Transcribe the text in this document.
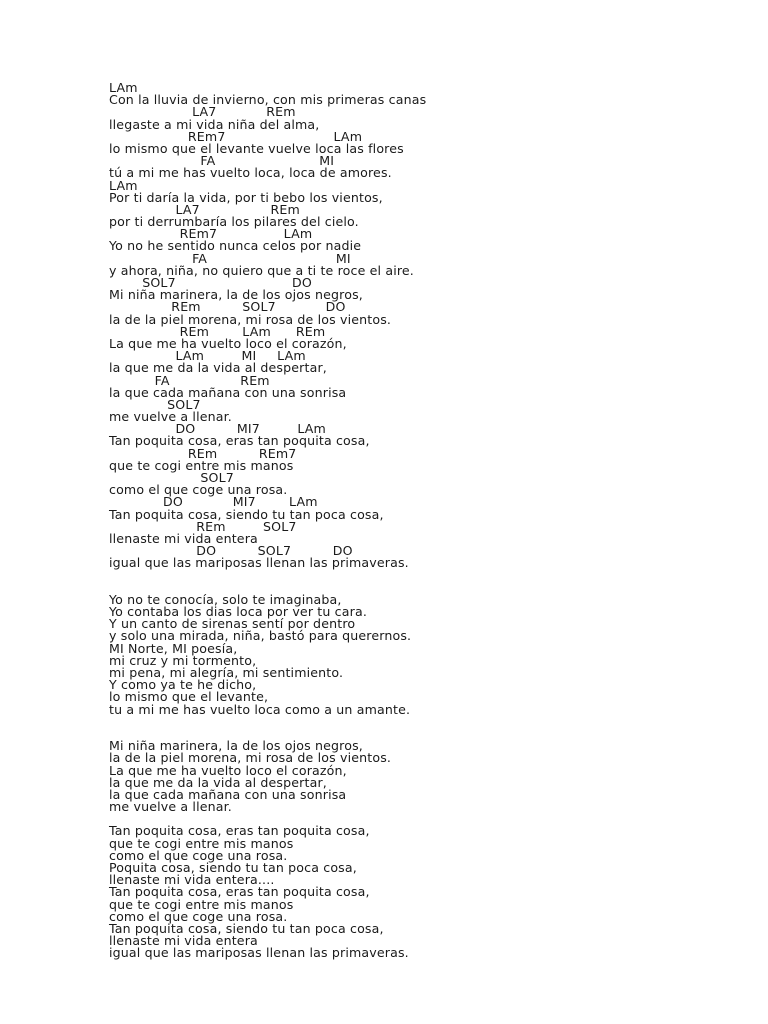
LAm
Con la lluvia de invierno, con mis primeras canas
LA7            REm
llegaste a mi vida niña del alma,
REm7                          LAm
lo mismo que el levante vuelve loca las flores
FA                         MI
tú a mi me has vuelto loca, loca de amores.
LAm
Por ti daría la vida, por ti bebo los vientos,
LA7                 REm
por ti derrumbaría los pilares del cielo.
REm7                LAm
Yo no he sentido nunca celos por nadie
FA                               MI
y ahora, niña, no quiero que a ti te roce el aire.
SOL7                            DO
Mi niña marinera, la de los ojos negros,
REm          SOL7            DO
la de la piel morena, mi rosa de los vientos.
REm        LAm      REm
La que me ha vuelto loco el corazón,
LAm         MI     LAm
la que me da la vida al despertar,
FA                 REm
la que cada mañana con una sonrisa
SOL7
me vuelve a llenar.
DO          MI7         LAm
Tan poquita cosa, eras tan poquita cosa,
REm          REm7
que te cogi entre mis manos
SOL7
como el que coge una rosa.
DO            MI7        LAm
Tan poquita cosa, siendo tu tan poca cosa,
REm         SOL7
llenaste mi vida entera
DO          SOL7          DO
igual que las mariposas llenan las primaveras.
Yo no te conocía, solo te imaginaba,
Yo contaba los dias loca por ver tu cara.
Y un canto de sirenas sentí por dentro
y solo una mirada, niña, bastó para querernos.
MI Norte, MI poesía,
mi cruz y mi tormento,
mi pena, mi alegría, mi sentimiento.
Y como ya te he dicho,
lo mismo que el levante,
tu a mi me has vuelto loca como a un amante.
Mi niña marinera, la de los ojos negros,
la de la piel morena, mi rosa de los vientos.
La que me ha vuelto loco el corazón,
la que me da la vida al despertar,
la que cada mañana con una sonrisa
me vuelve a llenar.
Tan poquita cosa, eras tan poquita cosa,
que te cogi entre mis manos
como el que coge una rosa.
Poquita cosa, siendo tu tan poca cosa,
llenaste mi vida entera....
Tan poquita cosa, eras tan poquita cosa,
que te cogi entre mis manos
como el que coge una rosa.
Tan poquita cosa, siendo tu tan poca cosa,
llenaste mi vida entera
igual que las mariposas llenan las primaveras.
